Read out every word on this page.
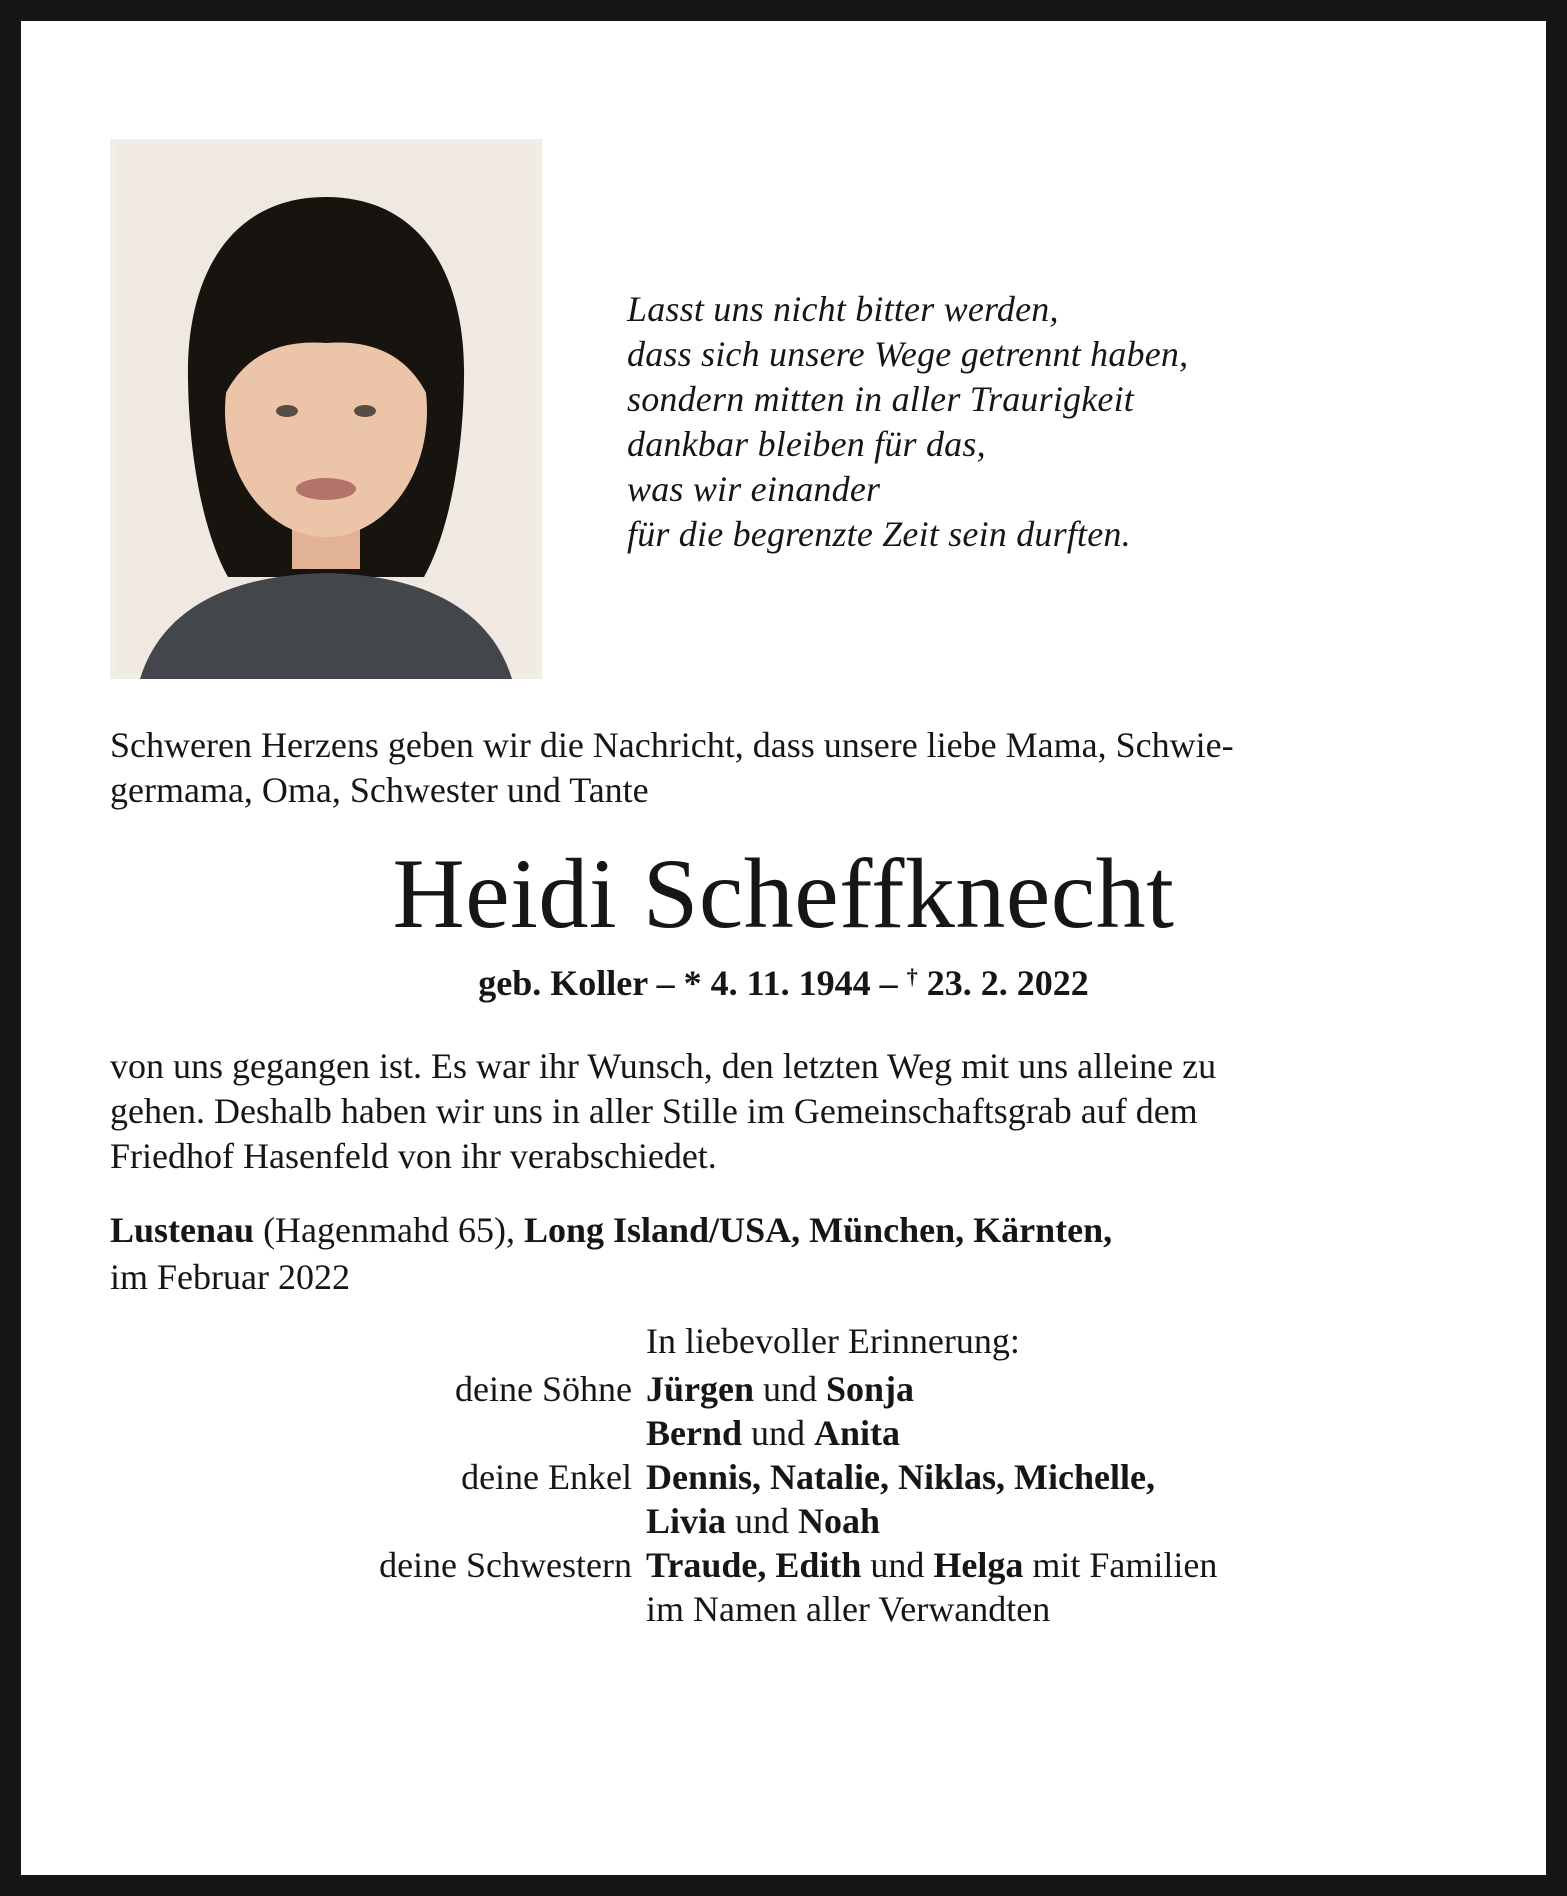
Lasst uns nicht bitter werden,
dass sich unsere Wege getrennt haben,
sondern mitten in aller Traurigkeit
dankbar bleiben für das,
was wir einander
für die begrenzte Zeit sein durften.
Schweren Herzens geben wir die Nachricht, dass unsere liebe Mama, Schwie-
germama, Oma, Schwester und Tante
Heidi Scheffknecht
geb. Koller – * 4. 11. 1944 – † 23. 2. 2022
von uns gegangen ist. Es war ihr Wunsch, den letzten Weg mit uns alleine zu
gehen. Deshalb haben wir uns in aller Stille im Gemeinschaftsgrab auf dem
Friedhof Hasenfeld von ihr verabschiedet.
Lustenau (Hagenmahd 65), Long Island/USA, München, Kärnten,
im Februar 2022
In liebevoller Erinnerung:
deine Söhne Jürgen und Sonja
Bernd und Anita
deine Enkel Dennis, Natalie, Niklas, Michelle,
Livia und Noah
deine Schwestern Traude, Edith und Helga mit Familien
im Namen aller Verwandten
